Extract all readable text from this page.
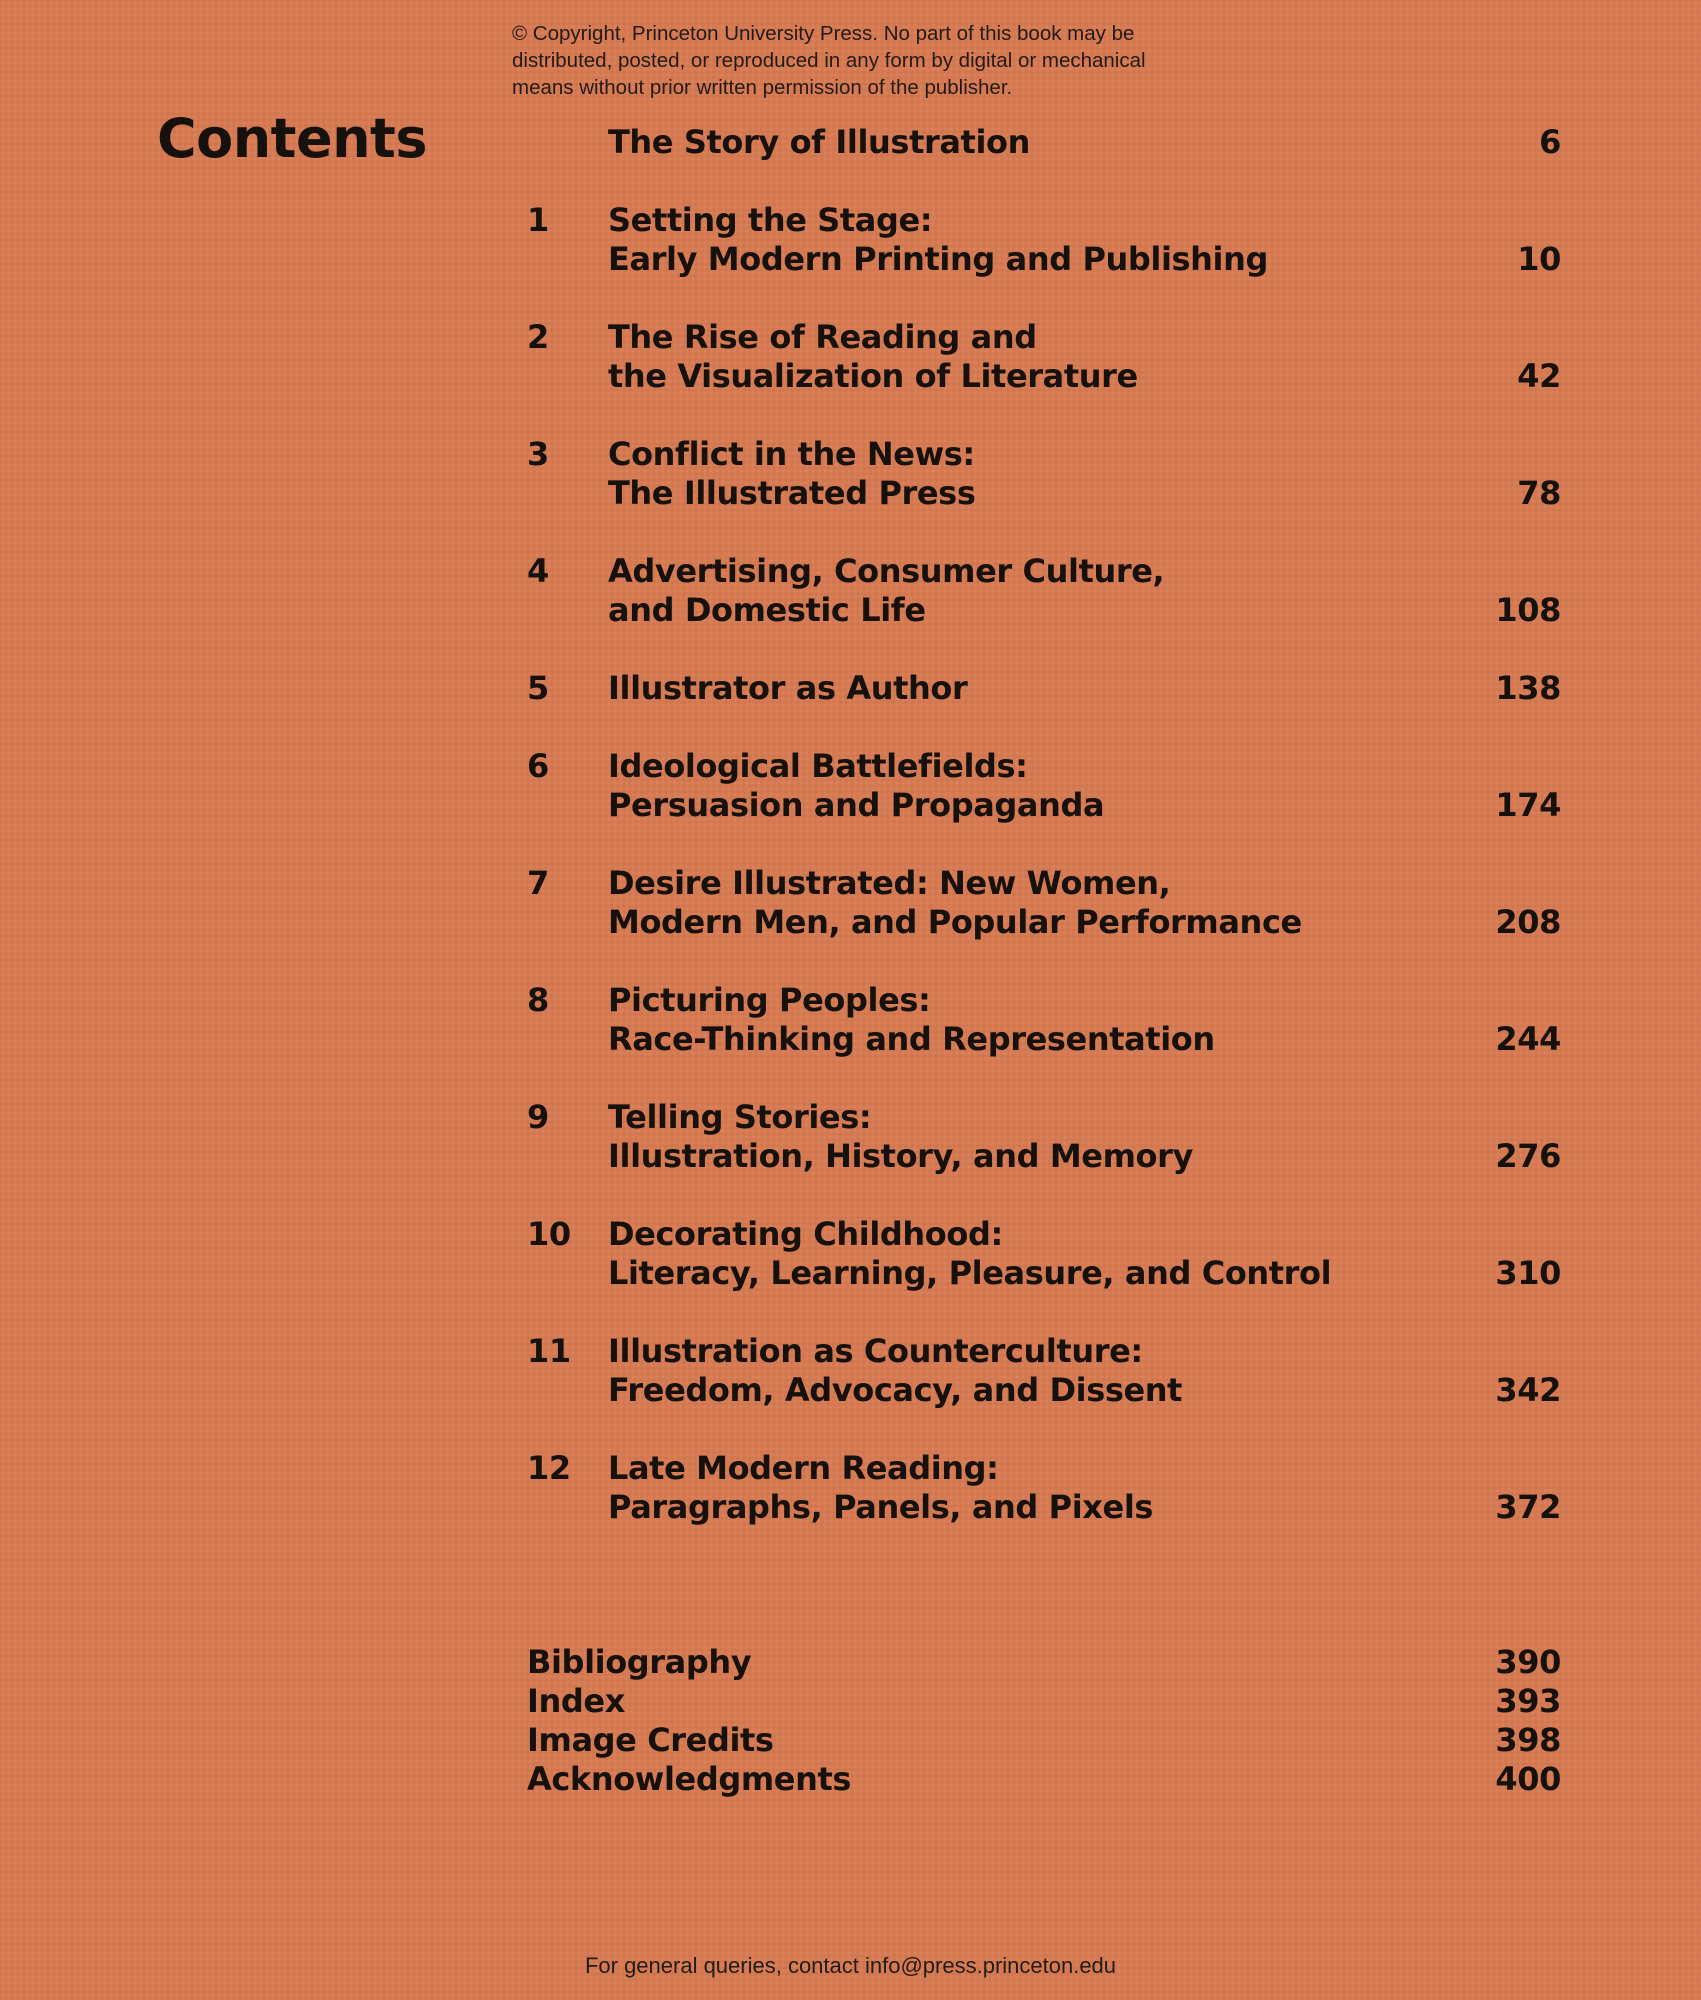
© Copyright, Princeton University Press. No part of this book may be
distributed, posted, or reproduced in any form by digital or mechanical
means without prior written permission of the publisher.
Contents	The Story of Illustration	6
1 Setting the Stage:
Early Modern Printing and Publishing	10
2 The Rise of Reading and
the Visualization of Literature	42
3 Conflict in the News:
The Illustrated Press	78
4 Advertising, Consumer Culture,
and Domestic Life	108
5 Illustrator as Author	138
6 Ideological Battlefields:
Persuasion and Propaganda	174
7 Desire Illustrated: New Women,
Modern Men, and Popular Performance	208
8 Picturing Peoples:
Race-Thinking and Representation	244
9 Telling Stories:
Illustration, History, and Memory	276
10 Decorating Childhood:
Literacy, Learning, Pleasure, and Control	310
11 Illustration as Counterculture:
Freedom, Advocacy, and Dissent	342
12 Late Modern Reading:
Paragraphs, Panels, and Pixels	372
Bibliography	390
Index	393
Image Credits	398
Acknowledgments	400
For general queries, contact info@press.princeton.edu
